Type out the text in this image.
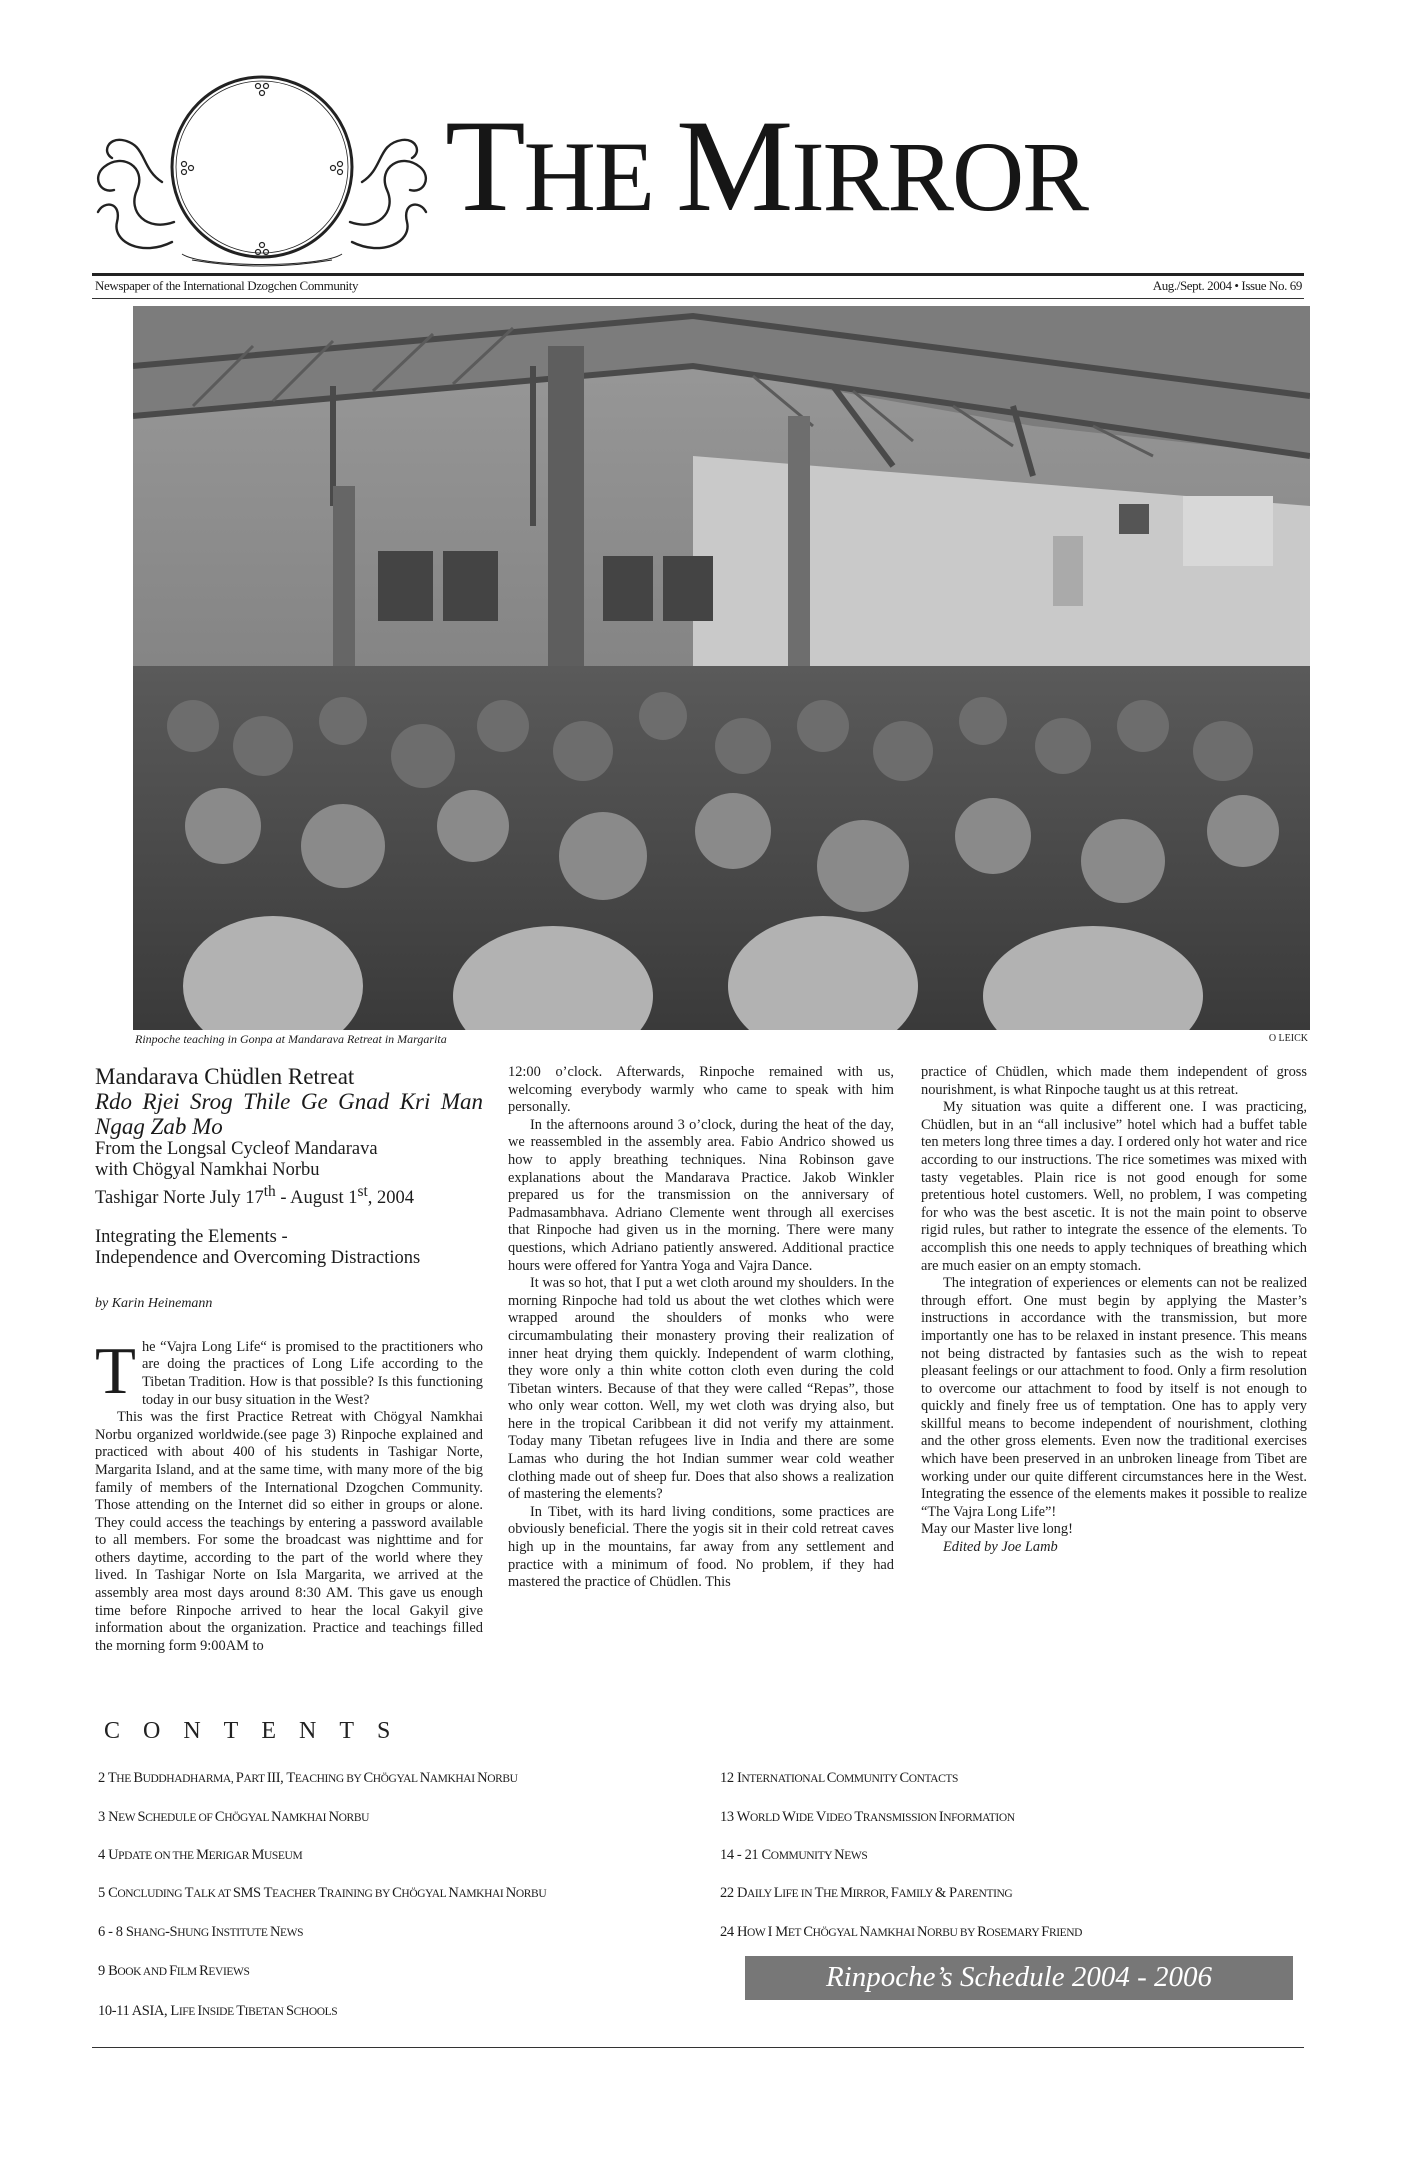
THE MIRROR
Newspaper of the International Dzogchen Community	Aug./Sept. 2004 • Issue No. 69
Rinpoche teaching in Gonpa at Mandarava Retreat in Margarita	O LEICK
Mandarava Chüdlen Retreat
Rdo Rjei Srog Thile Ge Gnad Kri Man Ngag Zab Mo
From the Longsal Cycleof Mandarava
with Chögyal Namkhai Norbu
Tashigar Norte July 17th - August 1st, 2004
Integrating the Elements -
Independence and Overcoming Distractions
by Karin Heinemann

The “Vajra Long Life“ is promised to the practitioners who are doing the practices of Long Life according to the Tibetan Tradition. How is that possible? Is this functioning today in our busy situation in the West?

This was the first Practice Retreat with Chögyal Namkhai Norbu organized worldwide.(see page 3) Rinpoche explained and practiced with about 400 of his students in Tashigar Norte, Margarita Island, and at the same time, with many more of the big family of members of the International Dzogchen Community. Those attending on the Internet did so either in groups or alone. They could access the teachings by entering a password available to all members. For some the broadcast was nighttime and for others daytime, according to the part of the world where they lived. In Tashigar Norte on Isla Margarita, we arrived at the assembly area most days around 8:30 AM. This gave us enough time before Rinpoche arrived to hear the local Gakyil give information about the organization. Practice and teachings filled the morning form 9:00AM to

12:00 o’clock. Afterwards, Rinpoche remained with us, welcoming everybody warmly who came to speak with him personally.

In the afternoons around 3 o’clock, during the heat of the day, we reassembled in the assembly area. Fabio Andrico showed us how to apply breathing techniques. Nina Robinson gave explanations about the Mandarava Practice. Jakob Winkler prepared us for the transmission on the anniversary of Padmasambhava. Adriano Clemente went through all exercises that Rinpoche had given us in the morning. There were many questions, which Adriano patiently answered. Additional practice hours were offered for Yantra Yoga and Vajra Dance.

It was so hot, that I put a wet cloth around my shoulders. In the morning Rinpoche had told us about the wet clothes which were wrapped around the shoulders of monks who were circumambulating their monastery proving their realization of inner heat drying them quickly. Independent of warm clothing, they wore only a thin white cotton cloth even during the cold Tibetan winters. Because of that they were called “Repas”, those who only wear cotton. Well, my wet cloth was drying also, but here in the tropical Caribbean it did not verify my attainment. Today many Tibetan refugees live in India and there are some Lamas who during the hot Indian summer wear cold weather clothing made out of sheep fur. Does that also shows a realization of mastering the elements?

In Tibet, with its hard living conditions, some practices are obviously beneficial. There the yogis sit in their cold retreat caves high up in the mountains, far away from any settlement and practice with a minimum of food. No problem, if they had mastered the practice of Chüdlen. This

practice of Chüdlen, which made them independent of gross nourishment, is what Rinpoche taught us at this retreat.

My situation was quite a different one. I was practicing, Chüdlen, but in an “all inclusive” hotel which had a buffet table ten meters long three times a day. I ordered only hot water and rice according to our instructions. The rice sometimes was mixed with tasty vegetables. Plain rice is not good enough for some pretentious hotel customers. Well, no problem, I was competing for who was the best ascetic. It is not the main point to observe rigid rules, but rather to integrate the essence of the elements. To accomplish this one needs to apply techniques of breathing which are much easier on an empty stomach.

The integration of experiences or elements can not be realized through effort. One must begin by applying the Master’s instructions in accordance with the transmission, but more importantly one has to be relaxed in instant presence. This means not being distracted by fantasies such as the wish to repeat pleasant feelings or our attachment to food. Only a firm resolution to overcome our attachment to food by itself is not enough to quickly and finely free us of temptation. One has to apply very skillful means to become independent of nourishment, clothing and the other gross elements. Even now the traditional exercises which have been preserved in an unbroken lineage from Tibet are working under our quite different circumstances here in the West. Integrating the essence of the elements makes it possible to realize “The Vajra Long Life”!

May our Master live long!

Edited by Joe Lamb

CONTENTS
2 THE BUDDHADHARMA, PART III, TEACHING BY CHÖGYAL NAMKHAI NORBU
3 NEW SCHEDULE OF CHÖGYAL NAMKHAI NORBU
4 UPDATE ON THE MERIGAR MUSEUM
5 CONCLUDING TALK AT SMS TEACHER TRAINING BY CHÖGYAL NAMKHAI NORBU
6 - 8 SHANG-SHUNG INSTITUTE NEWS
9 BOOK AND FILM REVIEWS
10-11 ASIA, LIFE INSIDE TIBETAN SCHOOLS
12 INTERNATIONAL COMMUNITY CONTACTS
13 WORLD WIDE VIDEO TRANSMISSION INFORMATION
14 - 21 COMMUNITY NEWS
22 DAILY LIFE IN THE MIRROR, FAMILY & PARENTING
24 HOW I MET CHÖGYAL NAMKHAI NORBU BY ROSEMARY FRIEND
Rinpoche’s Schedule 2004 - 2006
